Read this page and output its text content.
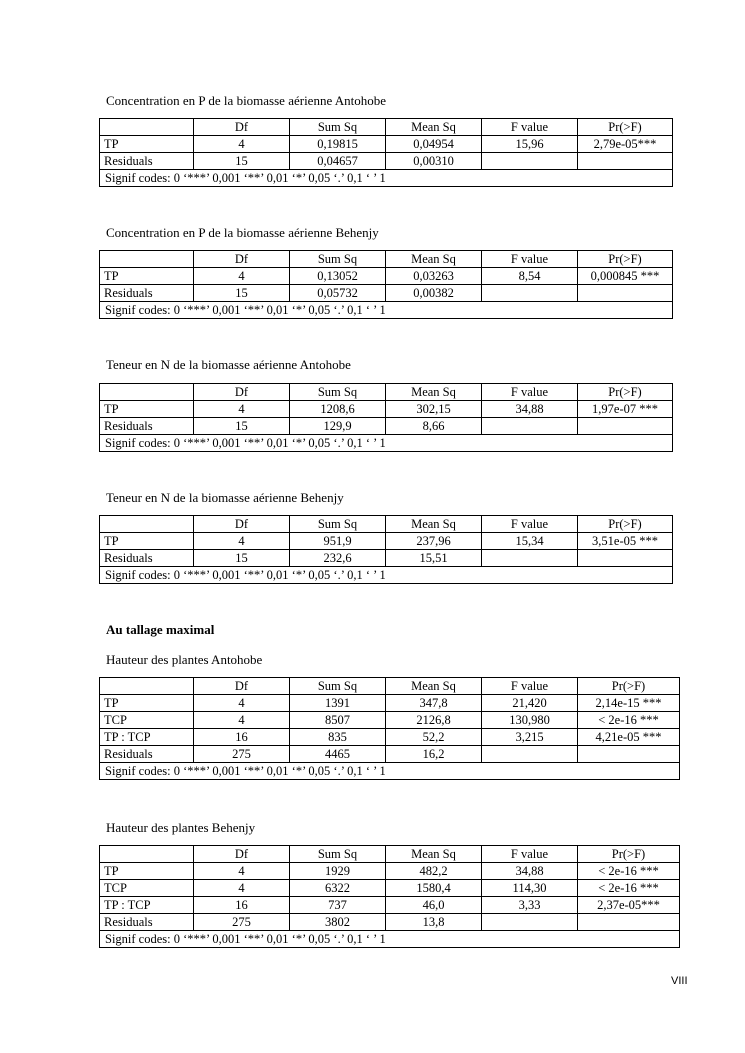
Concentration en P de la biomasse aérienne Antohobe
	Df	Sum Sq	Mean Sq	F value	Pr(>F)
TP	4	0,19815	0,04954	15,96	2,79e-05***
Residuals	15	0,04657	0,00310		
Signif codes: 0 ‘***’ 0,001 ‘**’ 0,01 ‘*’ 0,05 ‘.’ 0,1 ‘ ’ 1					
Concentration en P de la biomasse aérienne Behenjy
	Df	Sum Sq	Mean Sq	F value	Pr(>F)
TP	4	0,13052	0,03263	8,54	0,000845 ***
Residuals	15	0,05732	0,00382		
Signif codes: 0 ‘***’ 0,001 ‘**’ 0,01 ‘*’ 0,05 ‘.’ 0,1 ‘ ’ 1					
Teneur en N de la biomasse aérienne Antohobe
	Df	Sum Sq	Mean Sq	F value	Pr(>F)
TP	4	1208,6	302,15	34,88	1,97e-07 ***
Residuals	15	129,9	8,66		
Signif codes: 0 ‘***’ 0,001 ‘**’ 0,01 ‘*’ 0,05 ‘.’ 0,1 ‘ ’ 1					
Teneur en N de la biomasse aérienne Behenjy
	Df	Sum Sq	Mean Sq	F value	Pr(>F)
TP	4	951,9	237,96	15,34	3,51e-05 ***
Residuals	15	232,6	15,51		
Signif codes: 0 ‘***’ 0,001 ‘**’ 0,01 ‘*’ 0,05 ‘.’ 0,1 ‘ ’ 1					
Au tallage maximal
Hauteur des plantes Antohobe
	Df	Sum Sq	Mean Sq	F value	Pr(>F)
TP	4	1391	347,8	21,420	2,14e-15 ***
TCP	4	8507	2126,8	130,980	< 2e-16 ***
TP : TCP	16	835	52,2	3,215	4,21e-05 ***
Residuals	275	4465	16,2		
Signif codes: 0 ‘***’ 0,001 ‘**’ 0,01 ‘*’ 0,05 ‘.’ 0,1 ‘ ’ 1					
Hauteur des plantes Behenjy
	Df	Sum Sq	Mean Sq	F value	Pr(>F)
TP	4	1929	482,2	34,88	< 2e-16 ***
TCP	4	6322	1580,4	114,30	< 2e-16 ***
TP : TCP	16	737	46,0	3,33	2,37e-05***
Residuals	275	3802	13,8		
Signif codes: 0 ‘***’ 0,001 ‘**’ 0,01 ‘*’ 0,05 ‘.’ 0,1 ‘ ’ 1					
VIII
